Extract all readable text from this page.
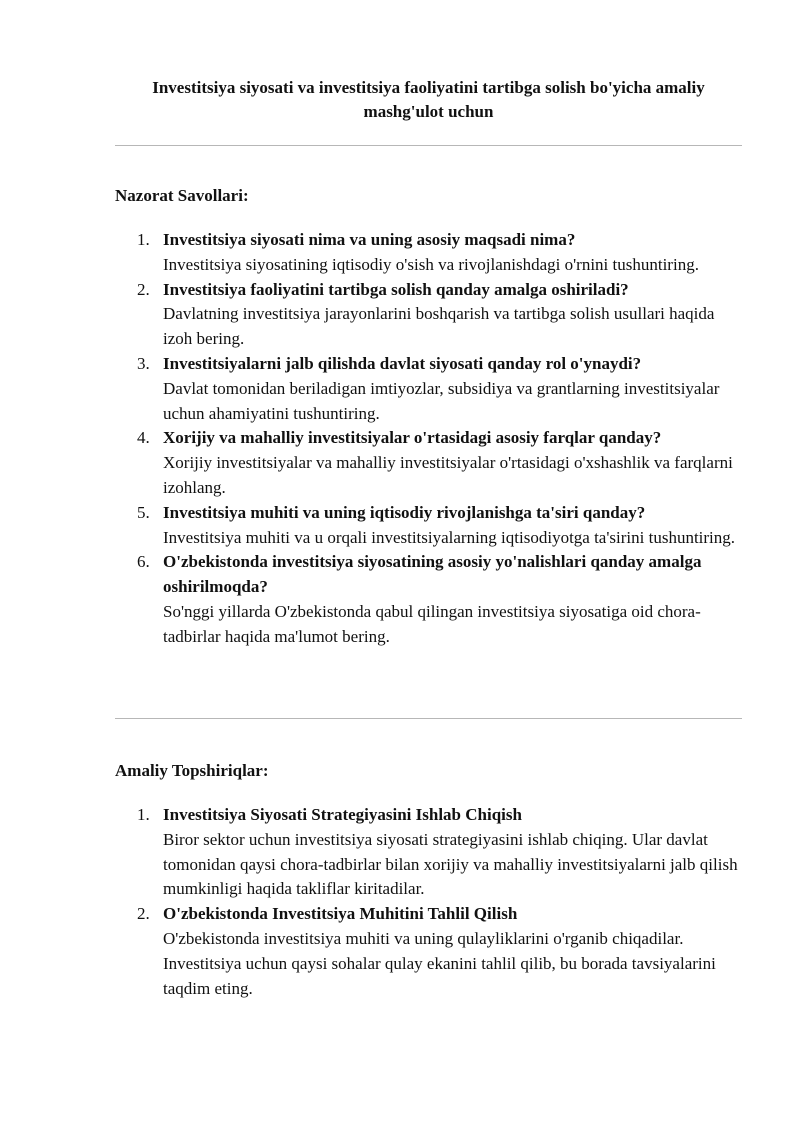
Investitsiya siyosati va investitsiya faoliyatini tartibga solish bo'yicha amaliy mashg'ulot uchun
Nazorat Savollari:
1. Investitsiya siyosati nima va uning asosiy maqsadi nima?
Investitsiya siyosatining iqtisodiy o'sish va rivojlanishdagi o'rnini tushuntiring.
2. Investitsiya faoliyatini tartibga solish qanday amalga oshiriladi?
Davlatning investitsiya jarayonlarini boshqarish va tartibga solish usullari haqida izoh bering.
3. Investitsiyalarni jalb qilishda davlat siyosati qanday rol o'ynaydi?
Davlat tomonidan beriladigan imtiyozlar, subsidiya va grantlarning investitsiyalar uchun ahamiyatini tushuntiring.
4. Xorijiy va mahalliy investitsiyalar o'rtasidagi asosiy farqlar qanday?
Xorijiy investitsiyalar va mahalliy investitsiyalar o'rtasidagi o'xshashlik va farqlarni izohlang.
5. Investitsiya muhiti va uning iqtisodiy rivojlanishga ta'siri qanday?
Investitsiya muhiti va u orqali investitsiyalarning iqtisodiyotga ta'sirini tushuntiring.
6. O'zbekistonda investitsiya siyosatining asosiy yo'nalishlari qanday amalga oshirilmoqda?
So'nggi yillarda O'zbekistonda qabul qilingan investitsiya siyosatiga oid chora-tadbirlar haqida ma'lumot bering.
Amaliy Topshiriqlar:
1. Investitsiya Siyosati Strategiyasini Ishlab Chiqish
Biror sektor uchun investitsiya siyosati strategiyasini ishlab chiqing. Ular davlat tomonidan qaysi chora-tadbirlar bilan xorijiy va mahalliy investitsiyalarni jalb qilish mumkinligi haqida takliflar kiritadilar.
2. O'zbekistonda Investitsiya Muhitini Tahlil Qilish
O'zbekistonda investitsiya muhiti va uning qulayliklarini o'rganib chiqadilar. Investitsiya uchun qaysi sohalar qulay ekanini tahlil qilib, bu borada tavsiyalarini taqdim eting.
